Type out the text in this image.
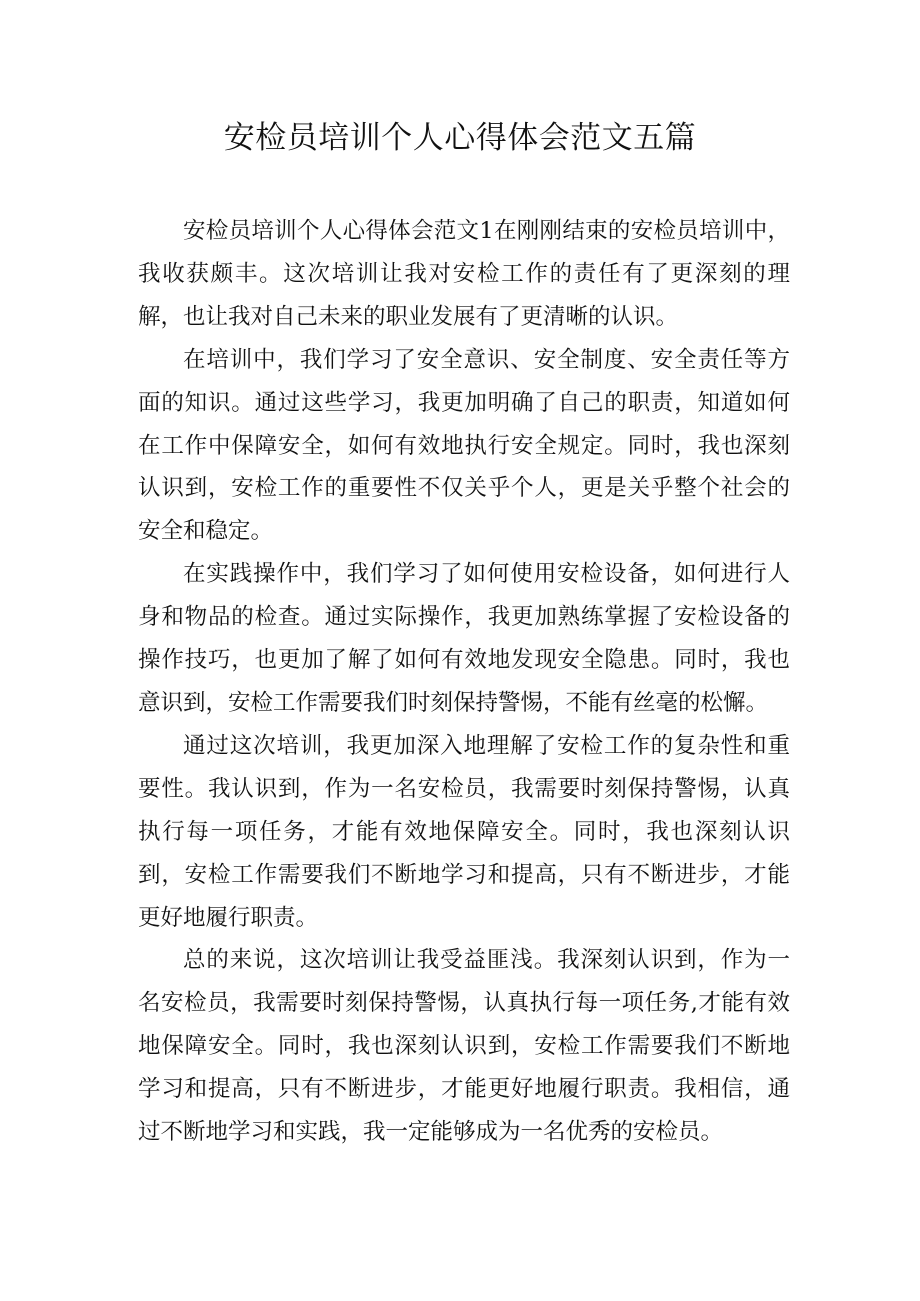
安检员培训个人心得体会范文五篇

安检员培训个人心得体会范文1在刚刚结束的安检员培训中，我收获颇丰。这次培训让我对安检工作的责任有了更深刻的理解，也让我对自己未来的职业发展有了更清晰的认识。

在培训中，我们学习了安全意识、安全制度、安全责任等方面的知识。通过这些学习，我更加明确了自己的职责，知道如何在工作中保障安全，如何有效地执行安全规定。同时，我也深刻认识到，安检工作的重要性不仅关乎个人，更是关乎整个社会的安全和稳定。

在实践操作中，我们学习了如何使用安检设备，如何进行人身和物品的检查。通过实际操作，我更加熟练掌握了安检设备的操作技巧，也更加了解了如何有效地发现安全隐患。同时，我也意识到，安检工作需要我们时刻保持警惕，不能有丝毫的松懈。

通过这次培训，我更加深入地理解了安检工作的复杂性和重要性。我认识到，作为一名安检员，我需要时刻保持警惕，认真执行每一项任务，才能有效地保障安全。同时，我也深刻认识到，安检工作需要我们不断地学习和提高，只有不断进步，才能更好地履行职责。

总的来说，这次培训让我受益匪浅。我深刻认识到，作为一名安检员，我需要时刻保持警惕，认真执行每一项任务,才能有效地保障安全。同时，我也深刻认识到，安检工作需要我们不断地学习和提高，只有不断进步，才能更好地履行职责。我相信，通过不断地学习和实践，我一定能够成为一名优秀的安检员。
